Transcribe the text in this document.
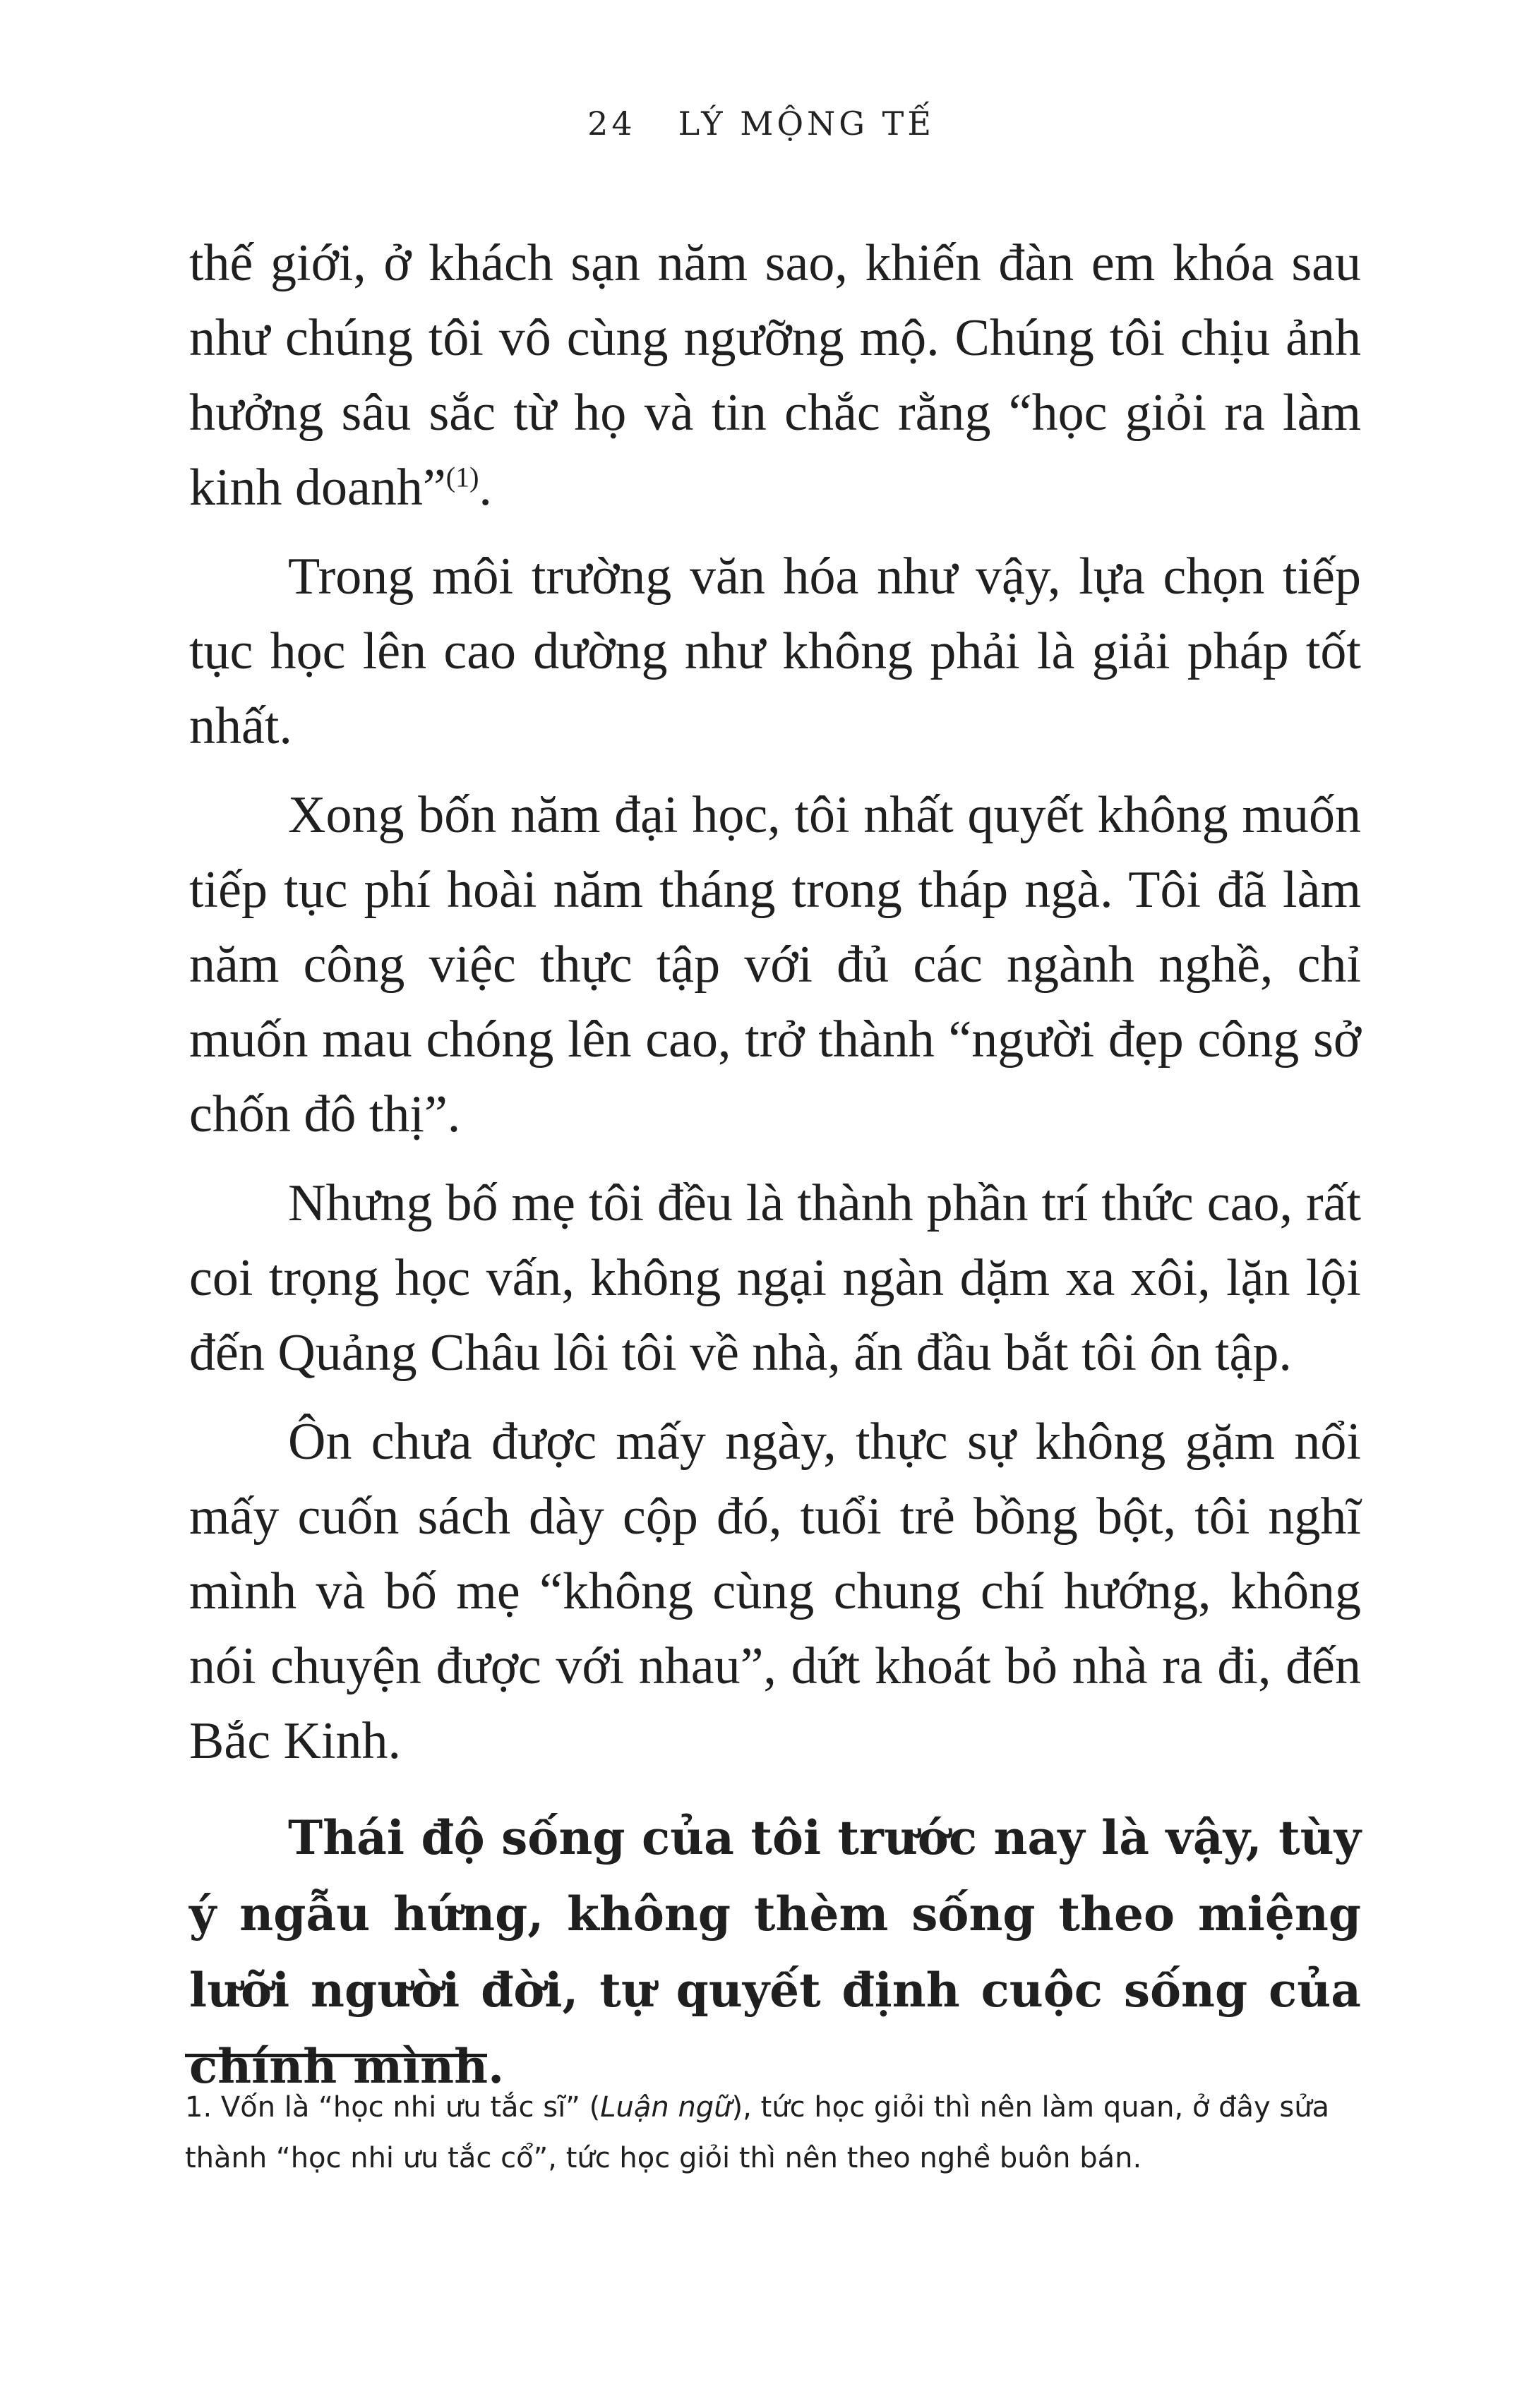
24 LÝ MỘNG TẾ

thế giới, ở khách sạn năm sao, khiến đàn em khóa sau như chúng tôi vô cùng ngưỡng mộ. Chúng tôi chịu ảnh hưởng sâu sắc từ họ và tin chắc rằng “học giỏi ra làm kinh doanh”$^{(1)}$.

Trong môi trường văn hóa như vậy, lựa chọn tiếp tục học lên cao dường như không phải là giải pháp tốt nhất.

Xong bốn năm đại học, tôi nhất quyết không muốn tiếp tục phí hoài năm tháng trong tháp ngà. Tôi đã làm năm công việc thực tập với đủ các ngành nghề, chỉ muốn mau chóng lên cao, trở thành “người đẹp công sở chốn đô thị”.

Nhưng bố mẹ tôi đều là thành phần trí thức cao, rất coi trọng học vấn, không ngại ngàn dặm xa xôi, lặn lội đến Quảng Châu lôi tôi về nhà, ấn đầu bắt tôi ôn tập.

Ôn chưa được mấy ngày, thực sự không gặm nổi mấy cuốn sách dày cộp đó, tuổi trẻ bồng bột, tôi nghĩ mình và bố mẹ “không cùng chung chí hướng, không nói chuyện được với nhau”, dứt khoát bỏ nhà ra đi, đến Bắc Kinh.

Thái độ sống của tôi trước nay là vậy, tùy ý ngẫu hứng, không thèm sống theo miệng lưỡi người đời, tự quyết định cuộc sống của chính mình.

1. Vốn là “học nhi ưu tắc sĩ” (Luận ngữ), tức học giỏi thì nên làm quan, ở đây sửa thành “học nhi ưu tắc cổ”, tức học giỏi thì nên theo nghề buôn bán.
